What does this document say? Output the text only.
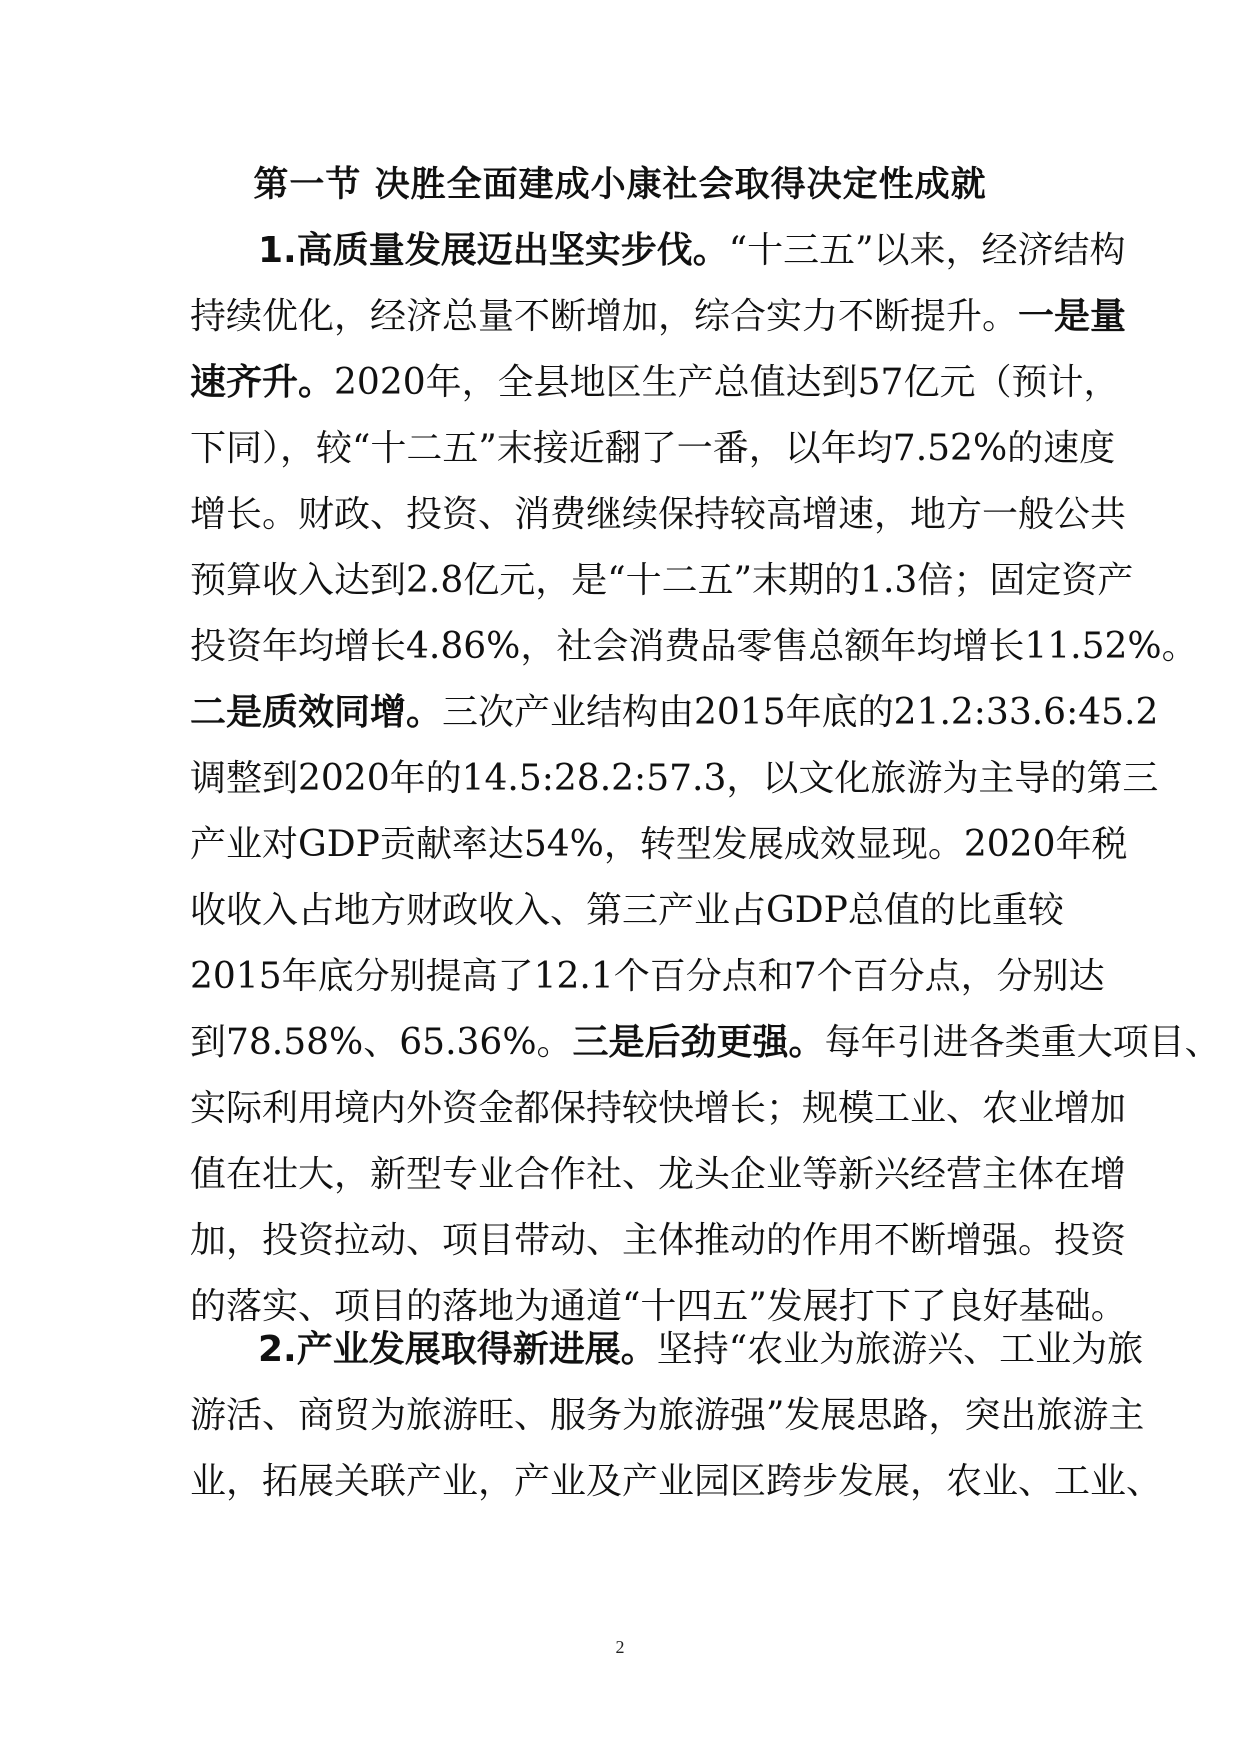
第一节 决胜全面建成小康社会取得决定性成就
1.高质量发展迈出坚实步伐。“十三五”以来，经济结构
持续优化，经济总量不断增加，综合实力不断提升。一是量
速齐升。2020年，全县地区生产总值达到57亿元（预计，
下同），较“十二五”末接近翻了一番，以年均7.52%的速度
增长。财政、投资、消费继续保持较高增速，地方一般公共
预算收入达到2.8亿元，是“十二五”末期的1.3倍；固定资产
投资年均增长4.86%，社会消费品零售总额年均增长11.52%。
二是质效同增。三次产业结构由2015年底的21.2:33.6:45.2
调整到2020年的14.5:28.2:57.3，以文化旅游为主导的第三
产业对GDP贡献率达54%，转型发展成效显现。2020年税
收收入占地方财政收入、第三产业占GDP总值的比重较
2015年底分别提高了12.1个百分点和7个百分点，分别达
到78.58%、65.36%。三是后劲更强。每年引进各类重大项目、
实际利用境内外资金都保持较快增长；规模工业、农业增加
值在壮大，新型专业合作社、龙头企业等新兴经营主体在增
加，投资拉动、项目带动、主体推动的作用不断增强。投资
的落实、项目的落地为通道“十四五”发展打下了良好基础。
2.产业发展取得新进展。坚持“农业为旅游兴、工业为旅
游活、商贸为旅游旺、服务为旅游强”发展思路，突出旅游主
业，拓展关联产业，产业及产业园区跨步发展，农业、工业、
2
